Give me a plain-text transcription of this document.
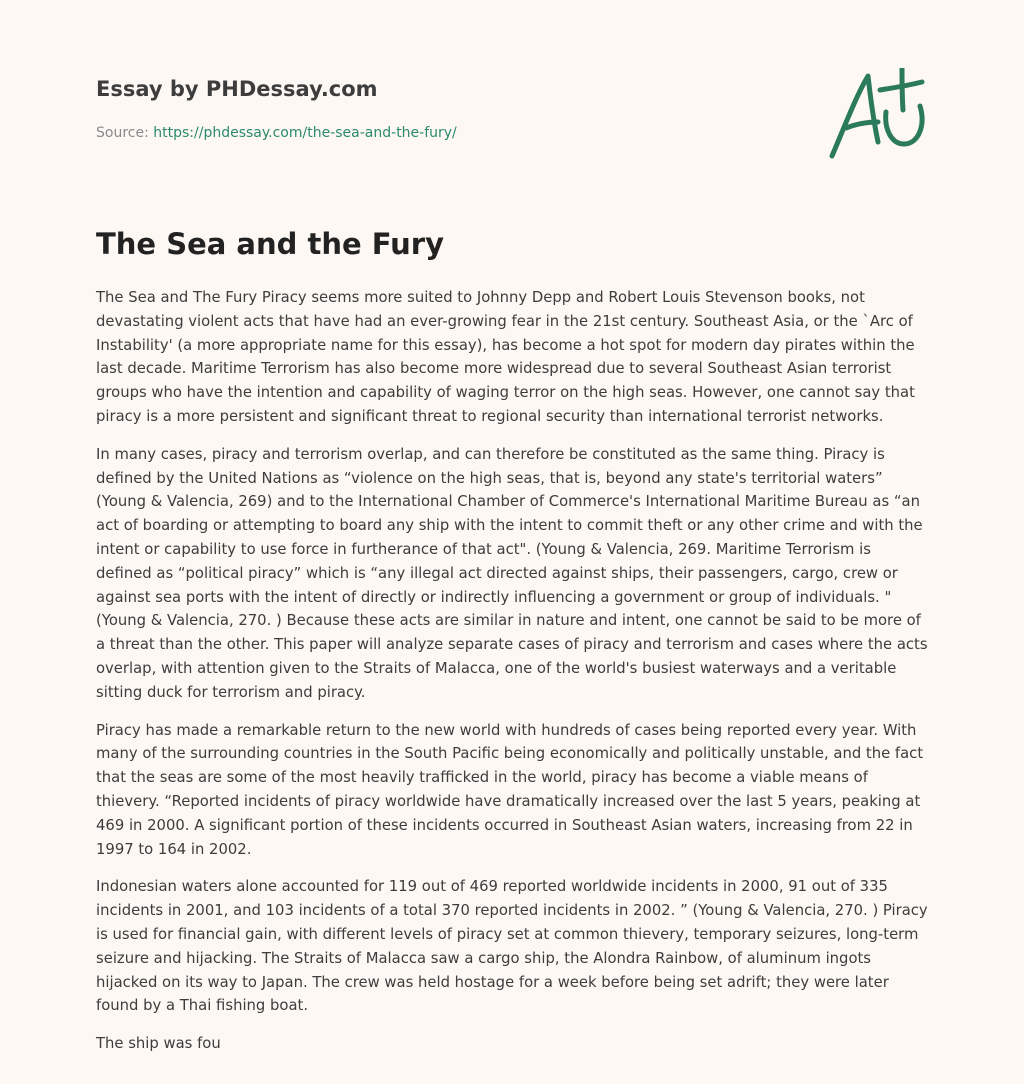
Essay by PHDessay.com
Source: https://phdessay.com/the-sea-and-the-fury/
The Sea and the Fury

The Sea and The Fury Piracy seems more suited to Johnny Depp and Robert Louis Stevenson books, not devastating violent acts that have had an ever-growing fear in the 21st century. Southeast Asia, or the `Arc of Instability' (a more appropriate name for this essay), has become a hot spot for modern day pirates within the last decade. Maritime Terrorism has also become more widespread due to several Southeast Asian terrorist groups who have the intention and capability of waging terror on the high seas. However, one cannot say that piracy is a more persistent and significant threat to regional security than international terrorist networks.

In many cases, piracy and terrorism overlap, and can therefore be constituted as the same thing. Piracy is defined by the United Nations as “violence on the high seas, that is, beyond any state's territorial waters” (Young & Valencia, 269) and to the International Chamber of Commerce's International Maritime Bureau as “an act of boarding or attempting to board any ship with the intent to commit theft or any other crime and with the intent or capability to use force in furtherance of that act". (Young & Valencia, 269. Maritime Terrorism is defined as “political piracy” which is “any illegal act directed against ships, their passengers, cargo, crew or against sea ports with the intent of directly or indirectly influencing a government or group of individuals. " (Young & Valencia, 270. ) Because these acts are similar in nature and intent, one cannot be said to be more of a threat than the other. This paper will analyze separate cases of piracy and terrorism and cases where the acts overlap, with attention given to the Straits of Malacca, one of the world's busiest waterways and a veritable sitting duck for terrorism and piracy.

Piracy has made a remarkable return to the new world with hundreds of cases being reported every year. With many of the surrounding countries in the South Pacific being economically and politically unstable, and the fact that the seas are some of the most heavily trafficked in the world, piracy has become a viable means of thievery. “Reported incidents of piracy worldwide have dramatically increased over the last 5 years, peaking at 469 in 2000. A significant portion of these incidents occurred in Southeast Asian waters, increasing from 22 in 1997 to 164 in 2002.

Indonesian waters alone accounted for 119 out of 469 reported worldwide incidents in 2000, 91 out of 335 incidents in 2001, and 103 incidents of a total 370 reported incidents in 2002. ” (Young & Valencia, 270. ) Piracy is used for financial gain, with different levels of piracy set at common thievery, temporary seizures, long-term seizure and hijacking. The Straits of Malacca saw a cargo ship, the Alondra Rainbow, of aluminum ingots hijacked on its way to Japan. The crew was held hostage for a week before being set adrift; they were later found by a Thai fishing boat.

The ship was fou
